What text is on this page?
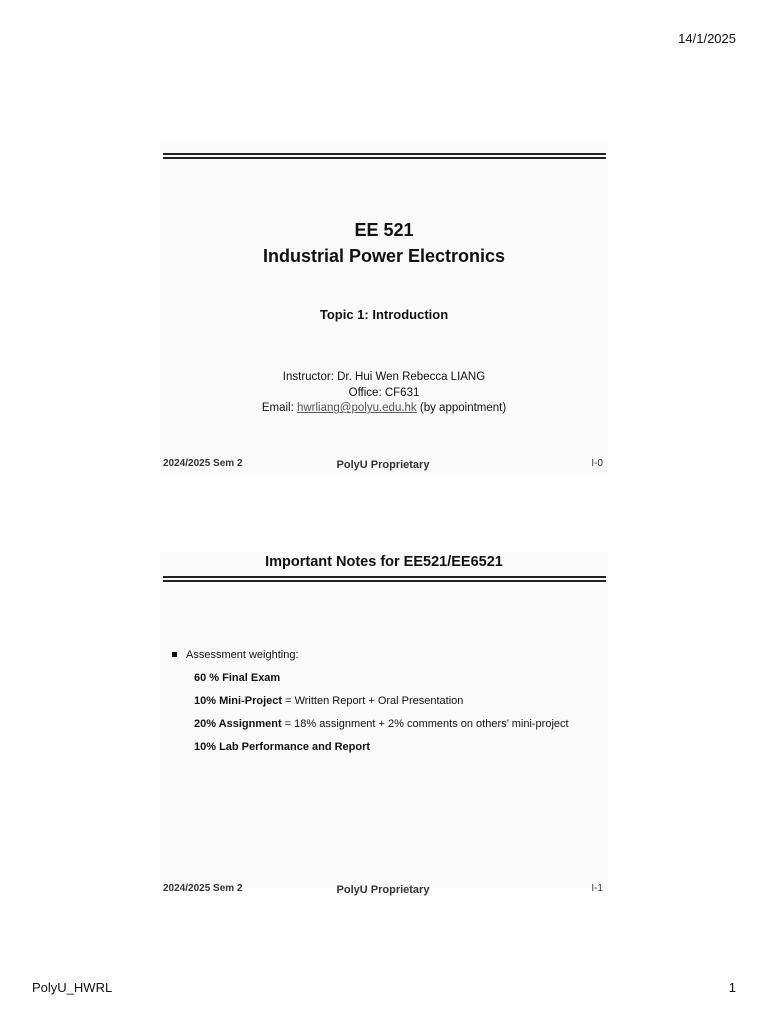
14/1/2025
EE 521
Industrial Power Electronics
Topic 1: Introduction
Instructor: Dr. Hui Wen Rebecca LIANG
Office: CF631
Email: hwrliang@polyu.edu.hk (by appointment)
2024/2025 Sem 2	PolyU Proprietary	I-0
Important Notes for EE521/EE6521
Assessment weighting:
60 % Final Exam
10% Mini-Project = Written Report + Oral Presentation
20% Assignment = 18% assignment + 2% comments on others’ mini-project
10% Lab Performance and Report
2024/2025 Sem 2	PolyU Proprietary	I-1
PolyU_HWRL	1
